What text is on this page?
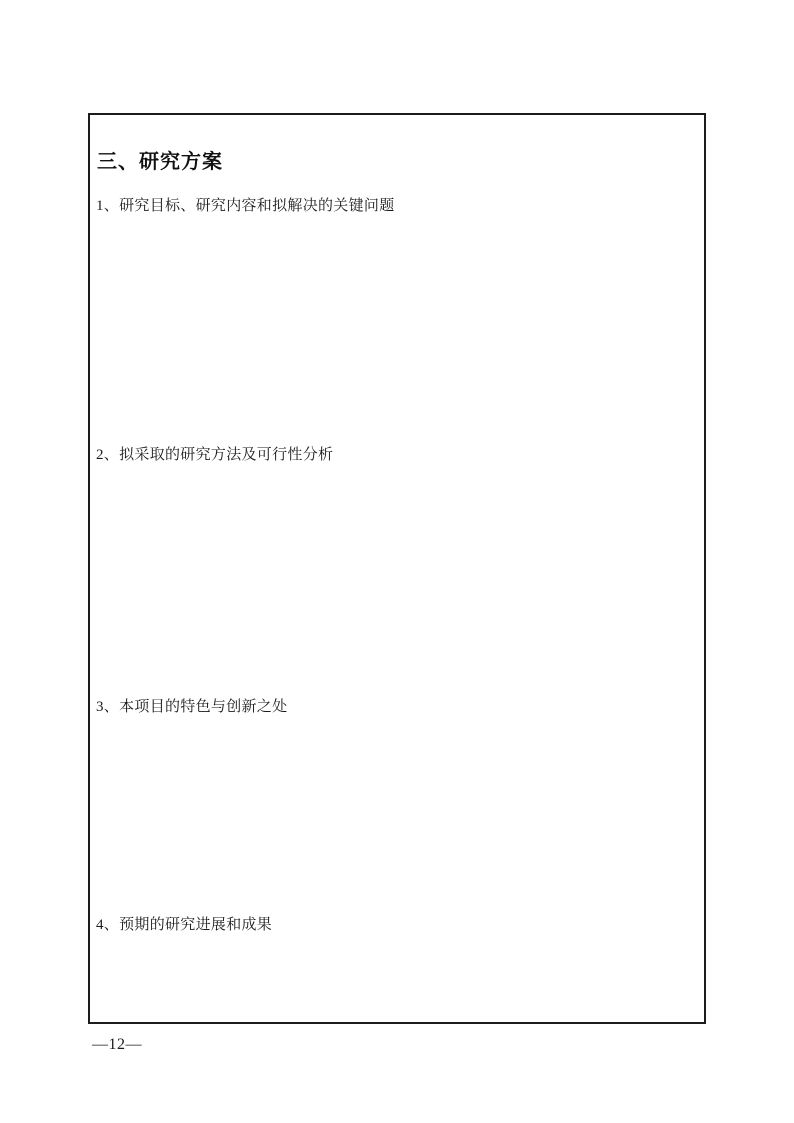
三、研究方案
1、研究目标、研究内容和拟解决的关键问题
2、拟采取的研究方法及可行性分析
3、本项目的特色与创新之处
4、预期的研究进展和成果
—12—
